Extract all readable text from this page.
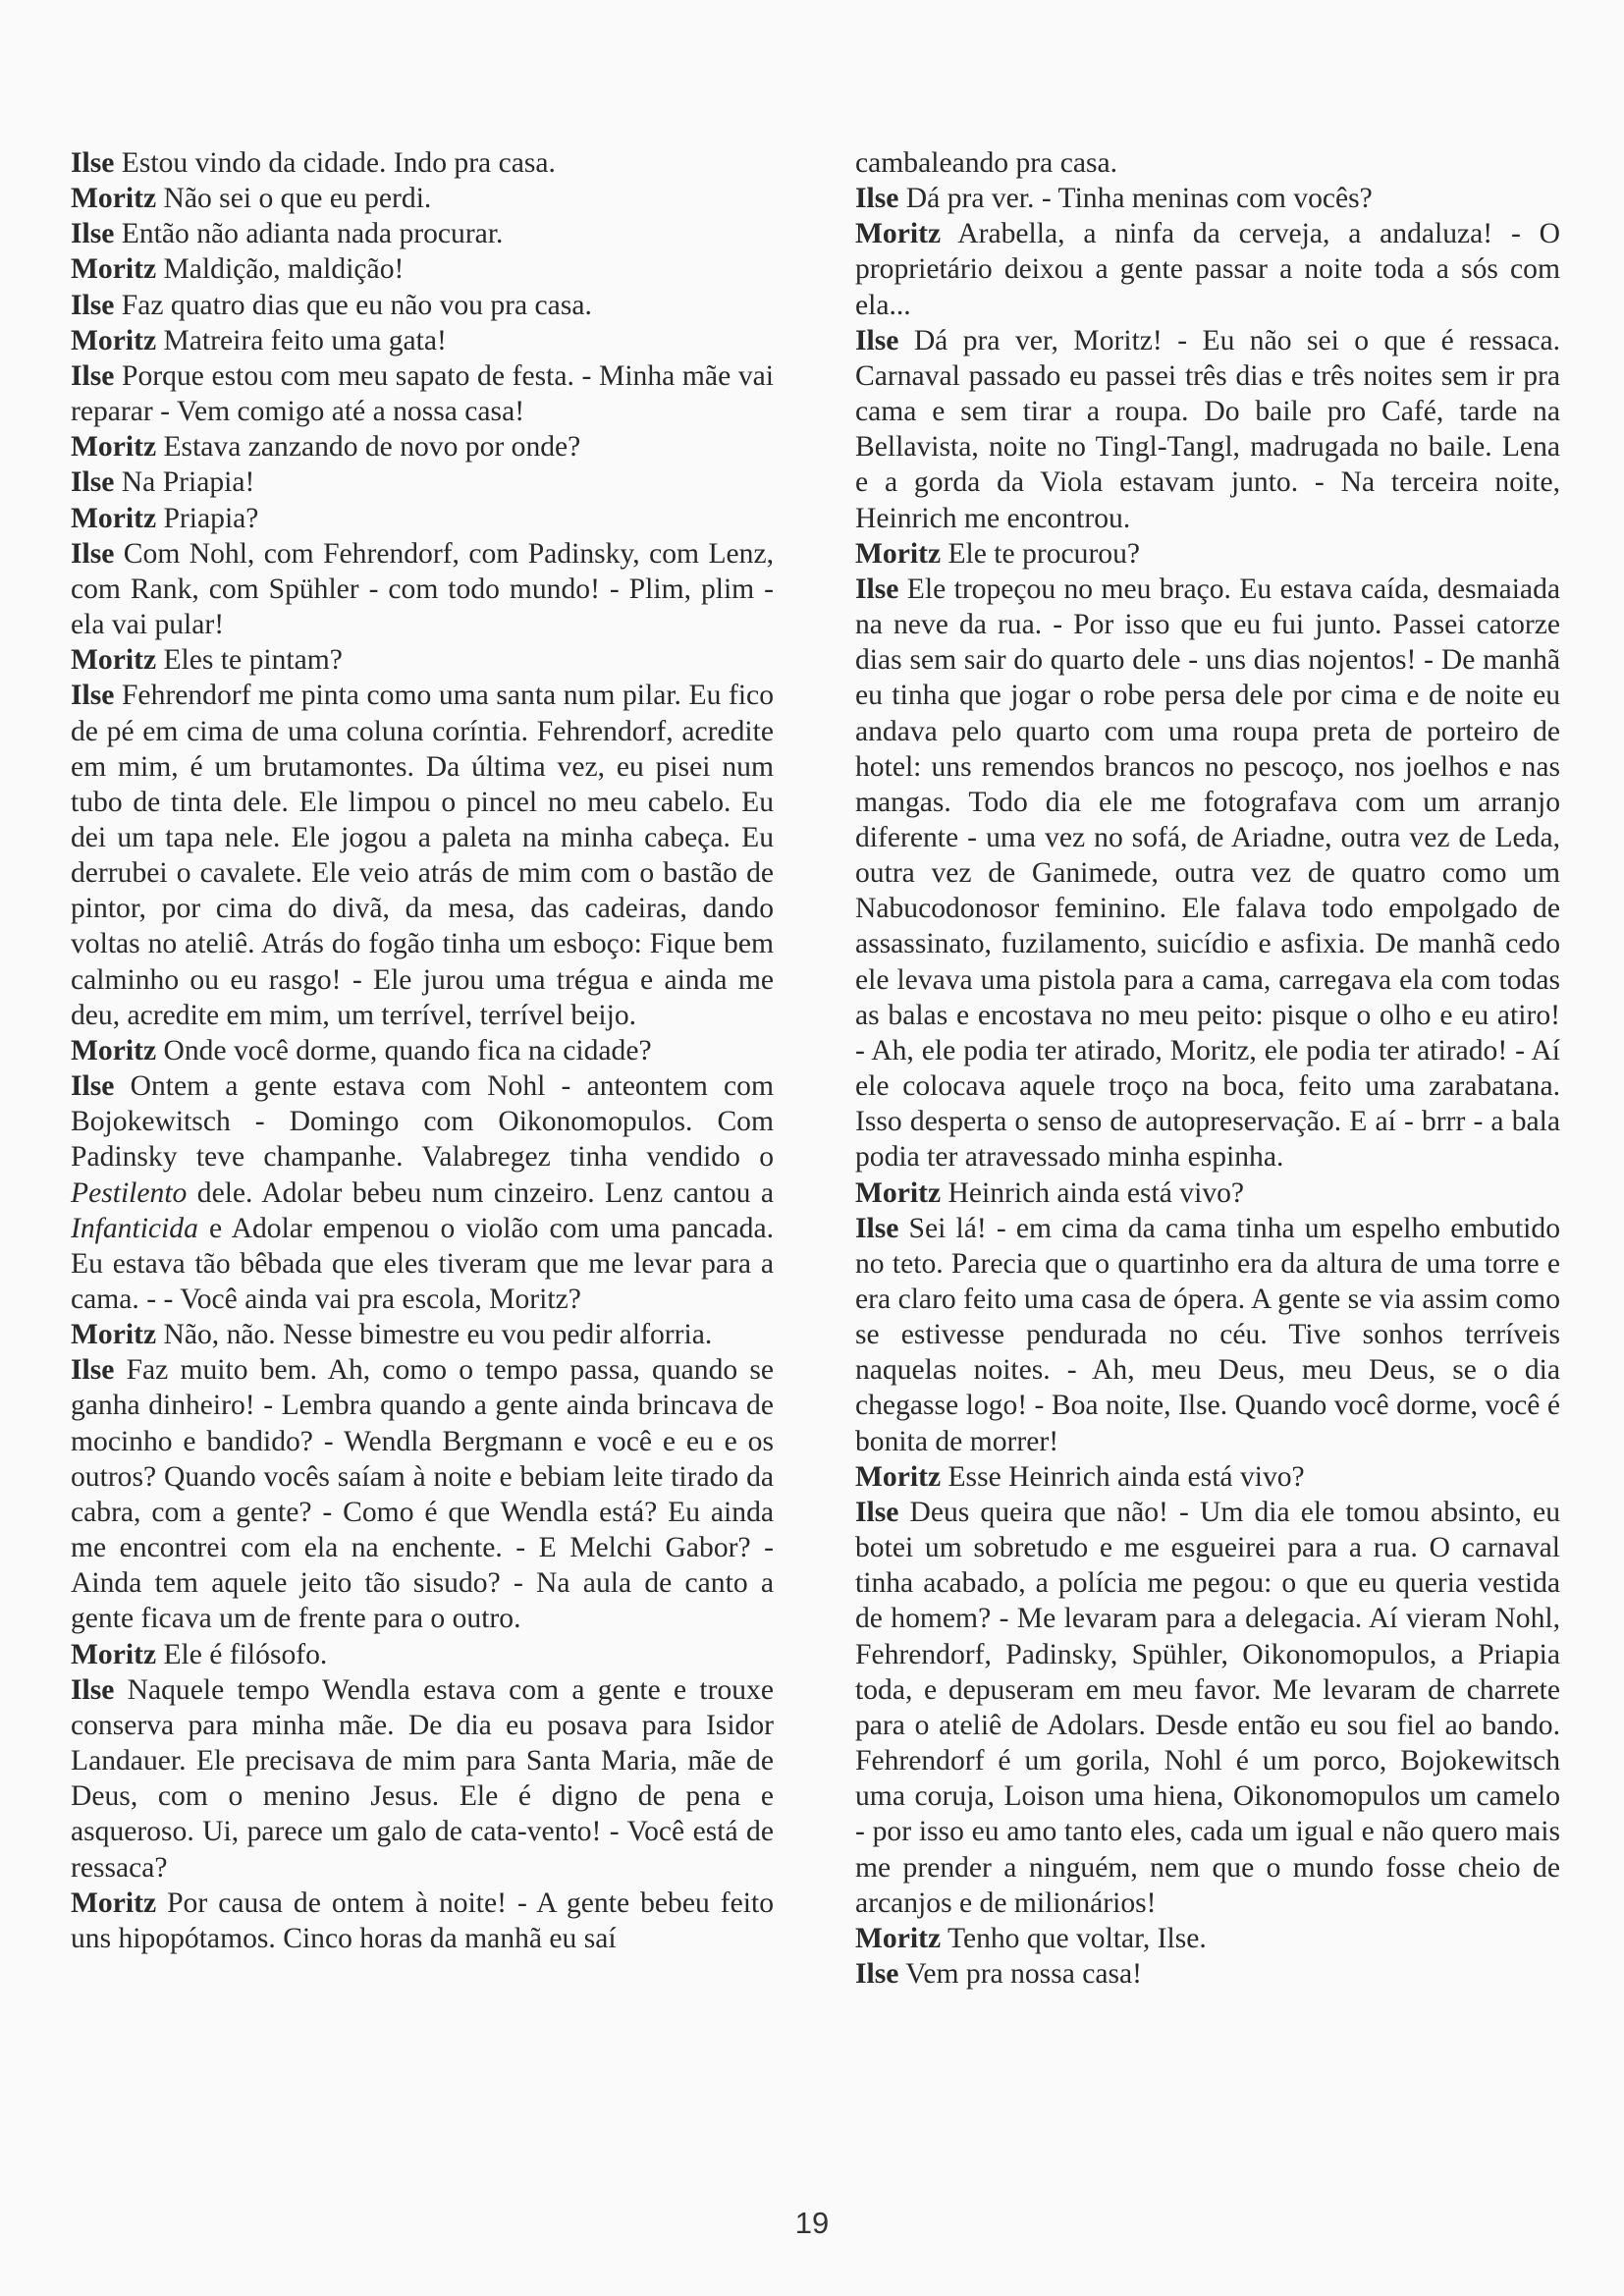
Ilse Estou vindo da cidade. Indo pra casa.

Moritz Não sei o que eu perdi.

Ilse Então não adianta nada procurar.

Moritz Maldição, maldição!

Ilse Faz quatro dias que eu não vou pra casa.

Moritz Matreira feito uma gata!

Ilse Porque estou com meu sapato de festa. - Minha mãe vai reparar - Vem comigo até a nossa casa!

Moritz Estava zanzando de novo por onde?

Ilse Na Priapia!

Moritz Priapia?

Ilse Com Nohl, com Fehrendorf, com Padinsky, com Lenz, com Rank, com Spühler - com todo mundo! - Plim, plim - ela vai pular!

Moritz Eles te pintam?

Ilse Fehrendorf me pinta como uma santa num pilar. Eu fico de pé em cima de uma coluna coríntia. Fehrendorf, acredite em mim, é um brutamontes. Da última vez, eu pisei num tubo de tinta dele. Ele limpou o pincel no meu cabelo. Eu dei um tapa nele. Ele jogou a paleta na minha cabeça. Eu derrubei o cavalete. Ele veio atrás de mim com o bastão de pintor, por cima do divã, da mesa, das cadeiras, dando voltas no ateliê. Atrás do fogão tinha um esboço: Fique bem calminho ou eu rasgo! - Ele jurou uma trégua e ainda me deu, acredite em mim, um terrível, terrível beijo.

Moritz Onde você dorme, quando fica na cidade?

Ilse Ontem a gente estava com Nohl - anteontem com Bojokewitsch - Domingo com Oikonomopulos. Com Padinsky teve champanhe. Valabregez tinha vendido o Pestilento dele. Adolar bebeu num cinzeiro. Lenz cantou a Infanticida e Adolar empenou o violão com uma pancada. Eu estava tão bêbada que eles tiveram que me levar para a cama. - - Você ainda vai pra escola, Moritz?

Moritz Não, não. Nesse bimestre eu vou pedir alforria.

Ilse Faz muito bem. Ah, como o tempo passa, quando se ganha dinheiro! - Lembra quando a gente ainda brincava de mocinho e bandido? - Wendla Bergmann e você e eu e os outros? Quando vocês saíam à noite e bebiam leite tirado da cabra, com a gente? - Como é que Wendla está? Eu ainda me encontrei com ela na enchente. - E Melchi Gabor? - Ainda tem aquele jeito tão sisudo? - Na aula de canto a gente ficava um de frente para o outro.

Moritz Ele é filósofo.

Ilse Naquele tempo Wendla estava com a gente e trouxe conserva para minha mãe. De dia eu posava para Isidor Landauer. Ele precisava de mim para Santa Maria, mãe de Deus, com o menino Jesus. Ele é digno de pena e asqueroso. Ui, parece um galo de cata-vento! - Você está de ressaca?

Moritz Por causa de ontem à noite! - A gente bebeu feito uns hipopótamos. Cinco horas da manhã eu saí

cambaleando pra casa.

Ilse Dá pra ver. - Tinha meninas com vocês?

Moritz Arabella, a ninfa da cerveja, a andaluza! - O proprietário deixou a gente passar a noite toda a sós com ela...

Ilse Dá pra ver, Moritz! - Eu não sei o que é ressaca. Carnaval passado eu passei três dias e três noites sem ir pra cama e sem tirar a roupa. Do baile pro Café, tarde na Bellavista, noite no Tingl-Tangl, madrugada no baile. Lena e a gorda da Viola estavam junto. - Na terceira noite, Heinrich me encontrou.

Moritz Ele te procurou?

Ilse Ele tropeçou no meu braço. Eu estava caída, desmaiada na neve da rua. - Por isso que eu fui junto. Passei catorze dias sem sair do quarto dele - uns dias nojentos! - De manhã eu tinha que jogar o robe persa dele por cima e de noite eu andava pelo quarto com uma roupa preta de porteiro de hotel: uns remendos brancos no pescoço, nos joelhos e nas mangas. Todo dia ele me fotografava com um arranjo diferente - uma vez no sofá, de Ariadne, outra vez de Leda, outra vez de Ganimede, outra vez de quatro como um Nabucodonosor feminino. Ele falava todo empolgado de assassinato, fuzilamento, suicídio e asfixia. De manhã cedo ele levava uma pistola para a cama, carregava ela com todas as balas e encostava no meu peito: pisque o olho e eu atiro! - Ah, ele podia ter atirado, Moritz, ele podia ter atirado! - Aí ele colocava aquele troço na boca, feito uma zarabatana. Isso desperta o senso de autopreservação. E aí - brrr - a bala podia ter atravessado minha espinha.

Moritz Heinrich ainda está vivo?

Ilse Sei lá! - em cima da cama tinha um espelho embutido no teto. Parecia que o quartinho era da altura de uma torre e era claro feito uma casa de ópera. A gente se via assim como se estivesse pendurada no céu. Tive sonhos terríveis naquelas noites. - Ah, meu Deus, meu Deus, se o dia chegasse logo! - Boa noite, Ilse. Quando você dorme, você é bonita de morrer!

Moritz Esse Heinrich ainda está vivo?

Ilse Deus queira que não! - Um dia ele tomou absinto, eu botei um sobretudo e me esgueirei para a rua. O carnaval tinha acabado, a polícia me pegou: o que eu queria vestida de homem? - Me levaram para a delegacia. Aí vieram Nohl, Fehrendorf, Padinsky, Spühler, Oikonomopulos, a Priapia toda, e depuseram em meu favor. Me levaram de charrete para o ateliê de Adolars. Desde então eu sou fiel ao bando. Fehrendorf é um gorila, Nohl é um porco, Bojokewitsch uma coruja, Loison uma hiena, Oikonomopulos um camelo - por isso eu amo tanto eles, cada um igual e não quero mais me prender a ninguém, nem que o mundo fosse cheio de arcanjos e de milionários!

Moritz Tenho que voltar, Ilse.

Ilse Vem pra nossa casa!

19
